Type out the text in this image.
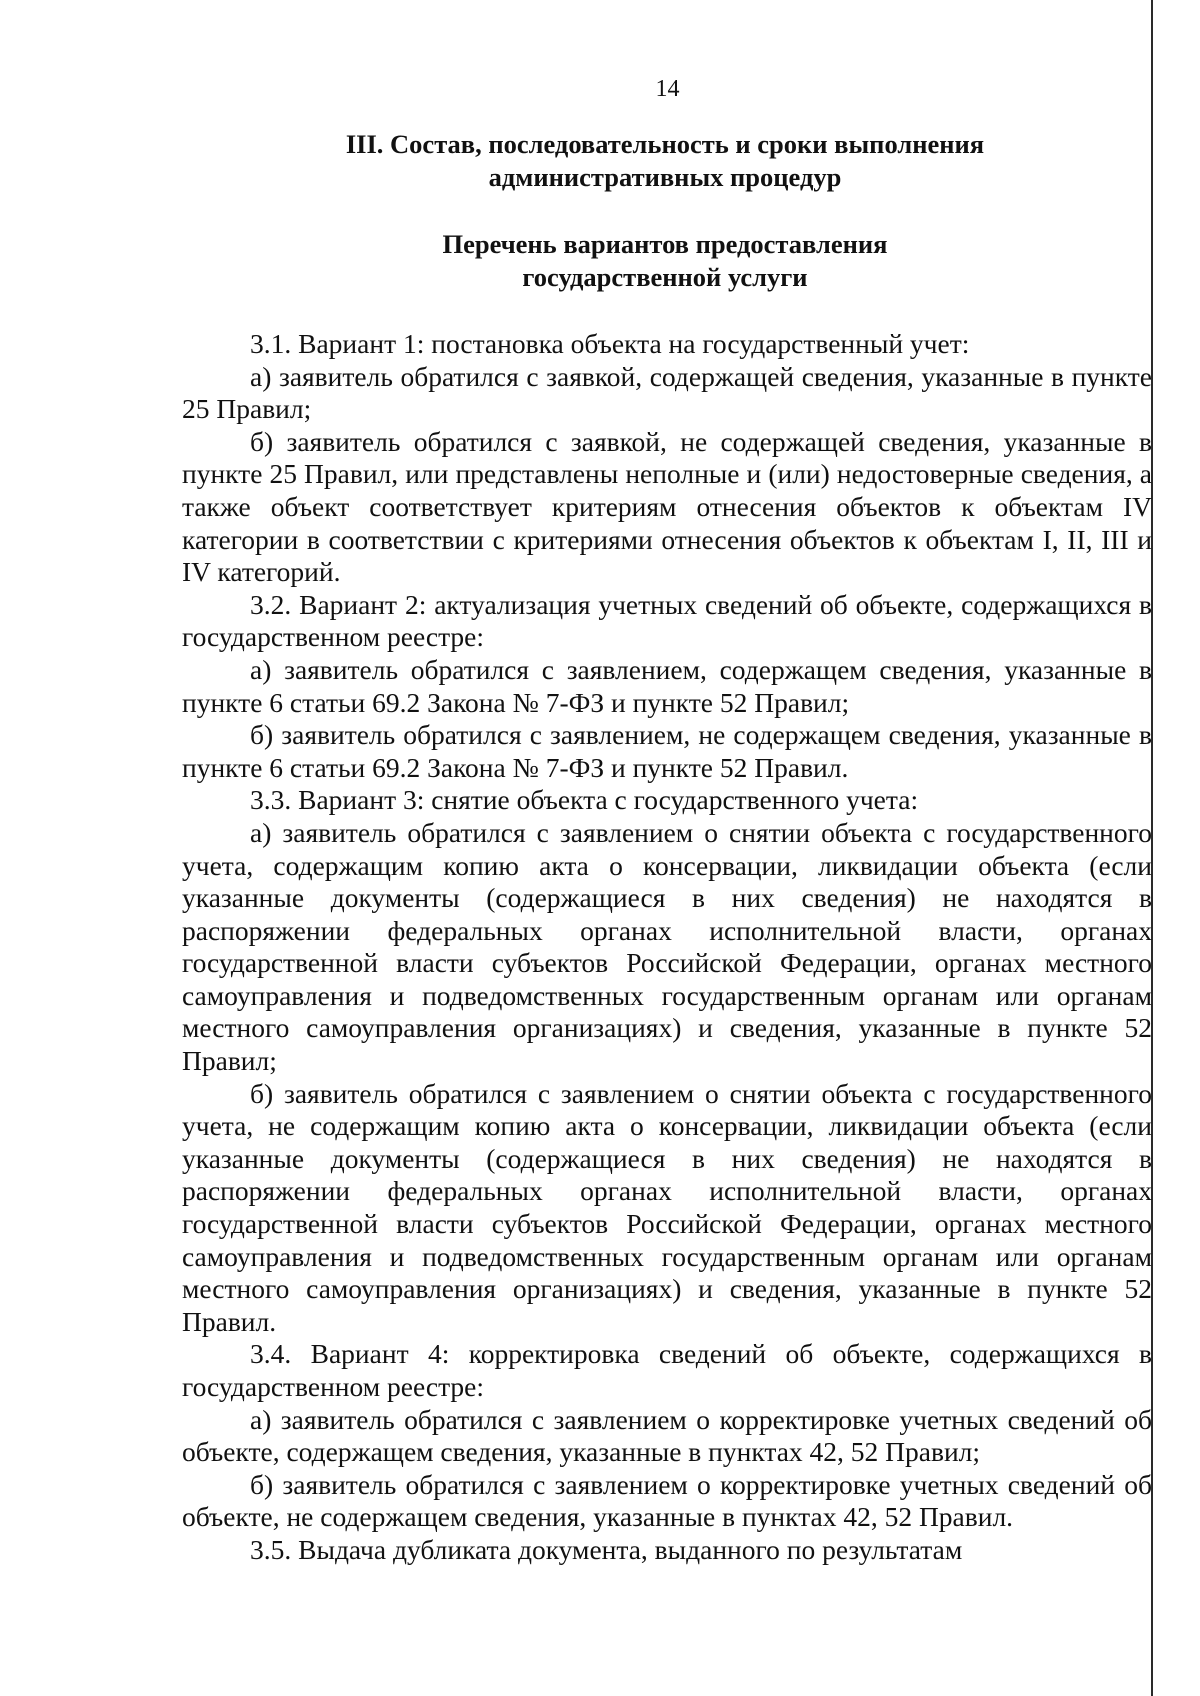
14
III. Состав, последовательность и сроки выполнения
административных процедур
Перечень вариантов предоставления
государственной услуги

3.1. Вариант 1: постановка объекта на государственный учет:

а) заявитель обратился с заявкой, содержащей сведения, указанные в пункте 25 Правил;

б) заявитель обратился с заявкой, не содержащей сведения, указанные в пункте 25 Правил, или представлены неполные и (или) недостоверные сведения, а также объект соответствует критериям отнесения объектов к объектам IV категории в соответствии с критериями отнесения объектов к объектам I, II, III и IV категорий.

3.2. Вариант 2: актуализация учетных сведений об объекте, содержащихся в государственном реестре:

а) заявитель обратился с заявлением, содержащем сведения, указанные в пункте 6 статьи 69.2 Закона № 7-ФЗ и пункте 52 Правил;

б) заявитель обратился с заявлением, не содержащем сведения, указанные в пункте 6 статьи 69.2 Закона № 7-ФЗ и пункте 52 Правил.

3.3. Вариант 3: снятие объекта с государственного учета:

а) заявитель обратился с заявлением о снятии объекта с государственного учета, содержащим копию акта о консервации, ликвидации объекта (если указанные документы (содержащиеся в них сведения) не находятся в распоряжении федеральных органах исполнительной власти, органах государственной власти субъектов Российской Федерации, органах местного самоуправления и подведомственных государственным органам или органам местного самоуправления организациях) и сведения, указанные в пункте 52 Правил;

б) заявитель обратился с заявлением о снятии объекта с государственного учета, не содержащим копию акта о консервации, ликвидации объекта (если указанные документы (содержащиеся в них сведения) не находятся в распоряжении федеральных органах исполнительной власти, органах государственной власти субъектов Российской Федерации, органах местного самоуправления и подведомственных государственным органам или органам местного самоуправления организациях) и сведения, указанные в пункте 52 Правил.

3.4. Вариант 4: корректировка сведений об объекте, содержащихся в государственном реестре:

а) заявитель обратился с заявлением о корректировке учетных сведений об объекте, содержащем сведения, указанные в пунктах 42, 52 Правил;

б) заявитель обратился с заявлением о корректировке учетных сведений об объекте, не содержащем сведения, указанные в пунктах 42, 52 Правил.

3.5. Выдача дубликата документа, выданного по результатам
